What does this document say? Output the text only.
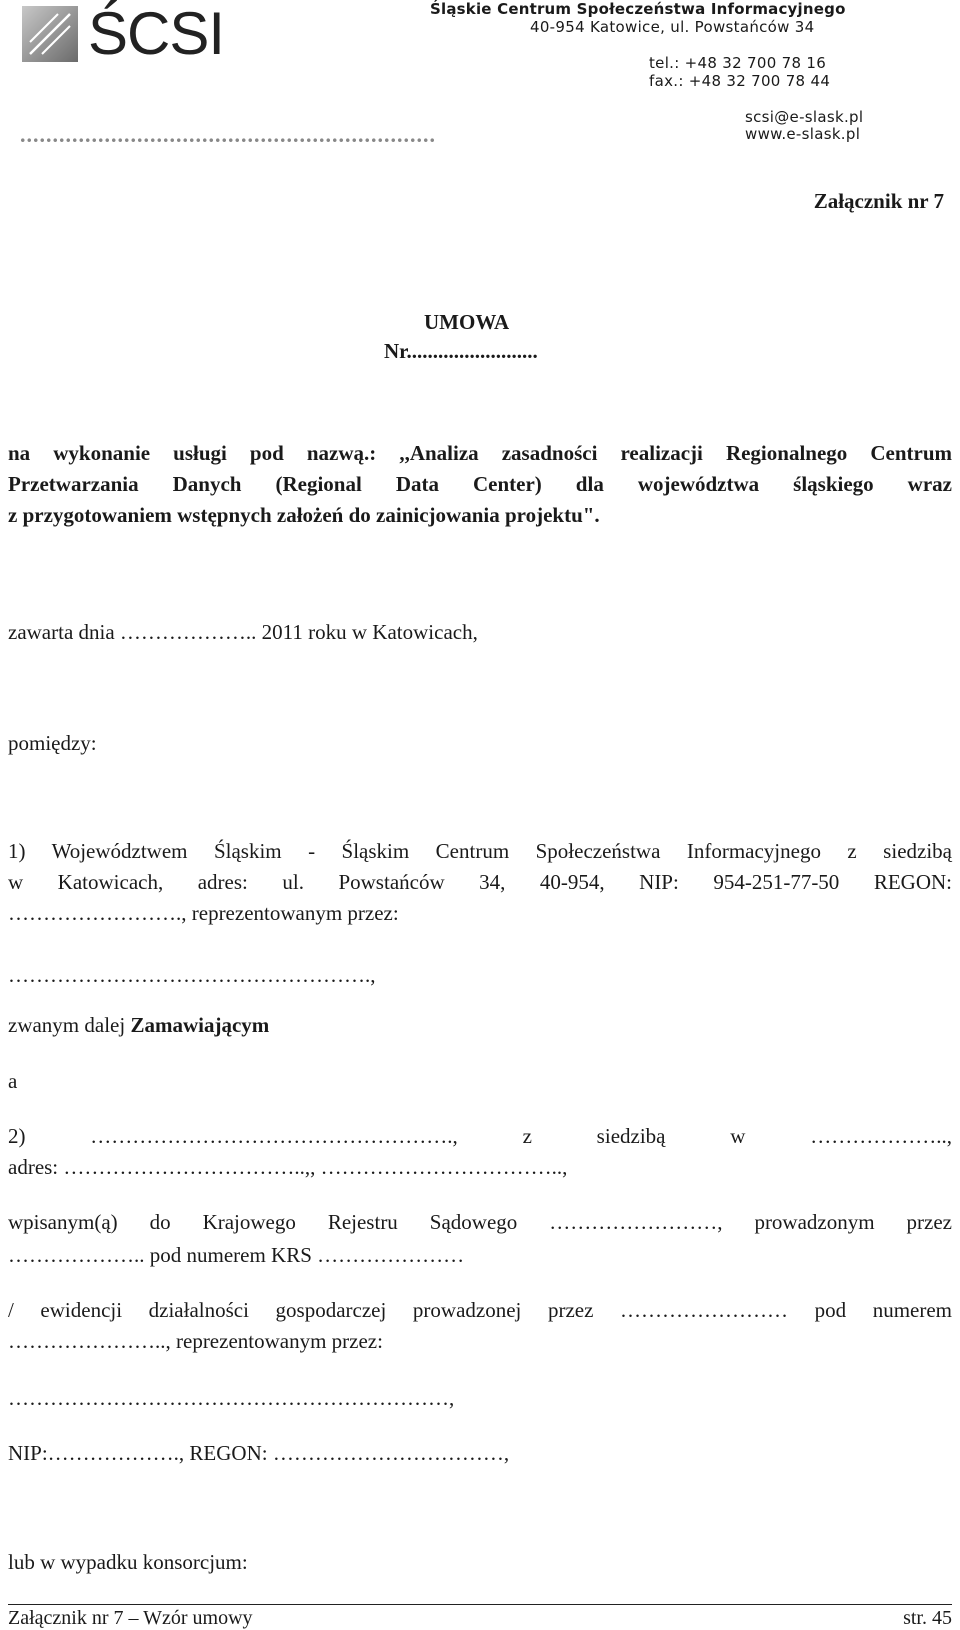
ŚCSI	Śląskie Centrum Społeczeństwa Informacyjnego
40-954 Katowice, ul. Powstańców 34
tel.: +48 32 700 78 16
fax.: +48 32 700 78 44
scsi@e-slask.pl
www.e-slask.pl
................................................................
Załącznik nr 7
UMOWA
Nr.........................
na wykonanie usługi pod nazwą.: ,,Analiza zasadności realizacji Regionalnego Centrum
Przetwarzania Danych (Regional Data Center) dla województwa śląskiego wraz
z przygotowaniem wstępnych założeń do zainicjowania projektu".
zawarta dnia ……………….. 2011 roku w Katowicach,
pomiędzy:
1) Województwem Śląskim - Śląskim Centrum Społeczeństwa Informacyjnego z siedzibą
w Katowicach, adres: ul. Powstańców 34, 40-954, NIP: 954-251-77-50 REGON:
……………………., reprezentowanym przez:
…………………………………………….,
zwanym dalej Zamawiającym
a
2) ……………………………………………., z siedzibą w ………………..,
adres: ……………………………..,, ……………………………..,
wpisanym(ą) do Krajowego Rejestru Sądowego ……………………, prowadzonym przez
……………….. pod numerem KRS …………………
/ ewidencji działalności gospodarczej prowadzonej przez …………………… pod numerem
………………….., reprezentowanym przez:
………………………………………………………,
NIP:………………., REGON: ……………………………,
lub w wypadku konsorcjum:
Załącznik nr 7 – Wzór umowy	str. 45
